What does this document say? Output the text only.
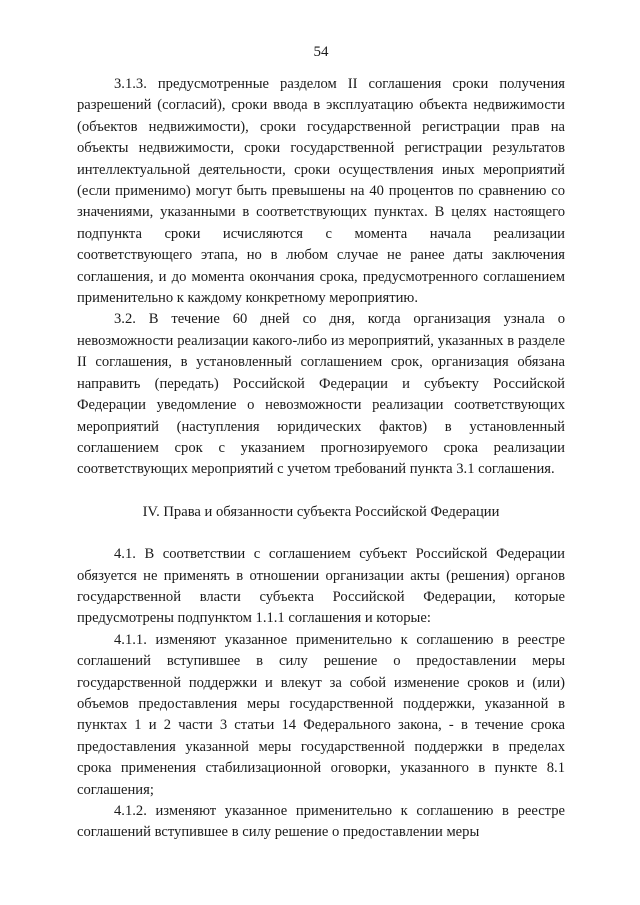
54

3.1.3. предусмотренные разделом II соглашения сроки получения разрешений (согласий), сроки ввода в эксплуатацию объекта недвижимости (объектов недвижимости), сроки государственной регистрации прав на объекты недвижимости, сроки государственной регистрации результатов интеллектуальной деятельности, сроки осуществления иных мероприятий (если применимо) могут быть превышены на 40 процентов по сравнению со значениями, указанными в соответствующих пунктах. В целях настоящего подпункта сроки исчисляются с момента начала реализации соответствующего этапа, но в любом случае не ранее даты заключения соглашения, и до момента окончания срока, предусмотренного соглашением применительно к каждому конкретному мероприятию.

3.2. В течение 60 дней со дня, когда организация узнала о невозможности реализации какого-либо из мероприятий, указанных в разделе II соглашения, в установленный соглашением срок, организация обязана направить (передать) Российской Федерации и субъекту Российской Федерации уведомление о невозможности реализации соответствующих мероприятий (наступления юридических фактов) в установленный соглашением срок с указанием прогнозируемого срока реализации соответствующих мероприятий с учетом требований пункта 3.1 соглашения.

IV. Права и обязанности субъекта Российской Федерации

4.1. В соответствии с соглашением субъект Российской Федерации обязуется не применять в отношении организации акты (решения) органов государственной власти субъекта Российской Федерации, которые предусмотрены подпунктом 1.1.1 соглашения и которые:

4.1.1. изменяют указанное применительно к соглашению в реестре соглашений вступившее в силу решение о предоставлении меры государственной поддержки и влекут за собой изменение сроков и (или) объемов предоставления меры государственной поддержки, указанной в пунктах 1 и 2 части 3 статьи 14 Федерального закона, - в течение срока предоставления указанной меры государственной поддержки в пределах срока применения стабилизационной оговорки, указанного в пункте 8.1 соглашения;

4.1.2. изменяют указанное применительно к соглашению в реестре соглашений вступившее в силу решение о предоставлении меры
